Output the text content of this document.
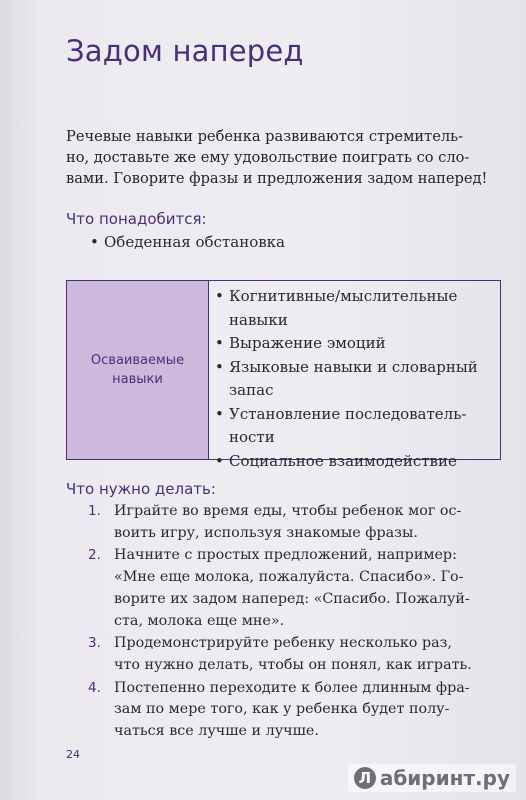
Задом наперед
Речевые навыки ребенка развиваются стремитель-
но, доставьте же ему удовольствие поиграть со сло-
вами. Говорите фразы и предложения задом наперед!
Что понадобится:
• Обеденная обстановка
Осваиваемые
навыки
• Когнитивные/мыслительные
навыки
• Выражение эмоций
• Языковые навыки и словарный
запас
• Установление последователь-
ности
• Социальное взаимодействие
Что нужно делать:
1. Играйте во время еды, чтобы ребенок мог ос-
воить игру, используя знакомые фразы.
2. Начните с простых предложений, например:
«Мне еще молока, пожалуйста. Спасибо». Го-
ворите их задом наперед: «Спасибо. Пожалуй-
ста, молока еще мне».
3. Продемонстрируйте ребенку несколько раз,
что нужно делать, чтобы он понял, как играть.
4. Постепенно переходите к более длинным фра-
зам по мере того, как у ребенка будет полу-
чаться все лучше и лучше.
24
Л абиринт.ру
